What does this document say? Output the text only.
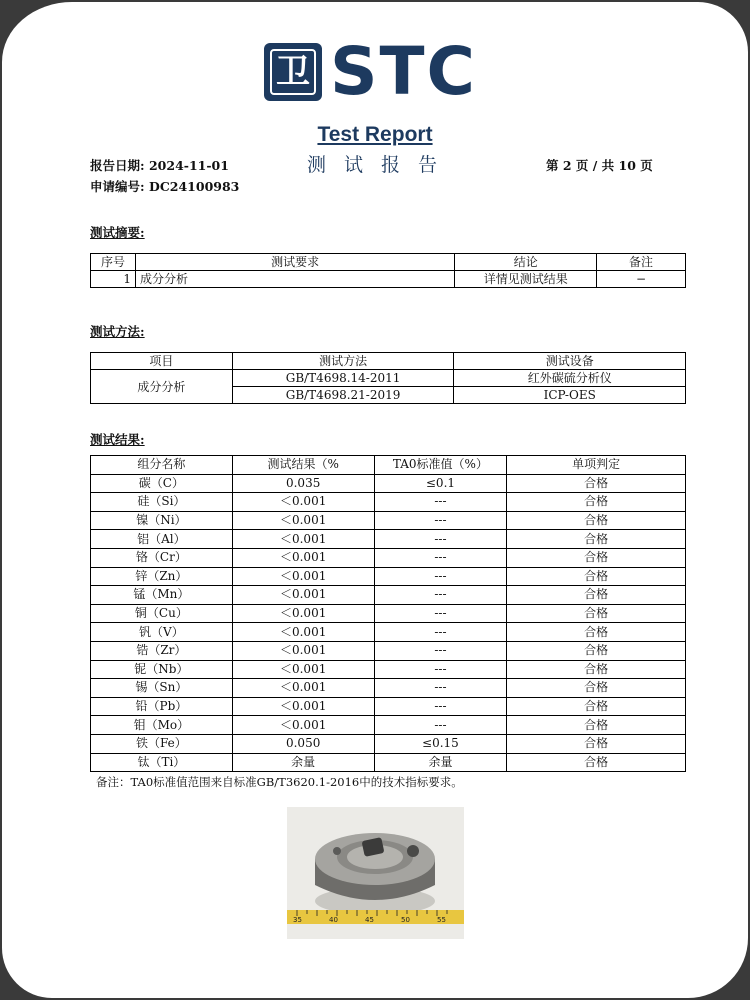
卫 STC
Test Report
测 试 报 告
报告日期: 2024-11-01
申请编号: DC24100983
第 2 页 / 共 10 页
测试摘要:
序号	测试要求	结论	备注
1	成分分析	详情见测试结果	−
测试方法:
项目	测试方法	测试设备
成分分析	GB/T4698.14-2011	红外碳硫分析仪
	GB/T4698.21-2019	ICP-OES
测试结果:
组分名称	测试结果（%	TA0标准值（%）	单项判定
碳（C）	0.035	≤0.1	合格
硅（Si）	＜0.001	---	合格
镍（Ni）	＜0.001	---	合格
铝（Al）	＜0.001	---	合格
铬（Cr）	＜0.001	---	合格
锌（Zn）	＜0.001	---	合格
锰（Mn）	＜0.001	---	合格
铜（Cu）	＜0.001	---	合格
钒（V）	＜0.001	---	合格
锆（Zr）	＜0.001	---	合格
铌（Nb）	＜0.001	---	合格
锡（Sn）	＜0.001	---	合格
铅（Pb）	＜0.001	---	合格
钼（Mo）	＜0.001	---	合格
铁（Fe）	0.050	≤0.15	合格
钛（Ti）	余量	余量	合格
备注：TA0标准值范围来自标准GB/T3620.1-2016中的技术指标要求。
35	40	45	50	55
